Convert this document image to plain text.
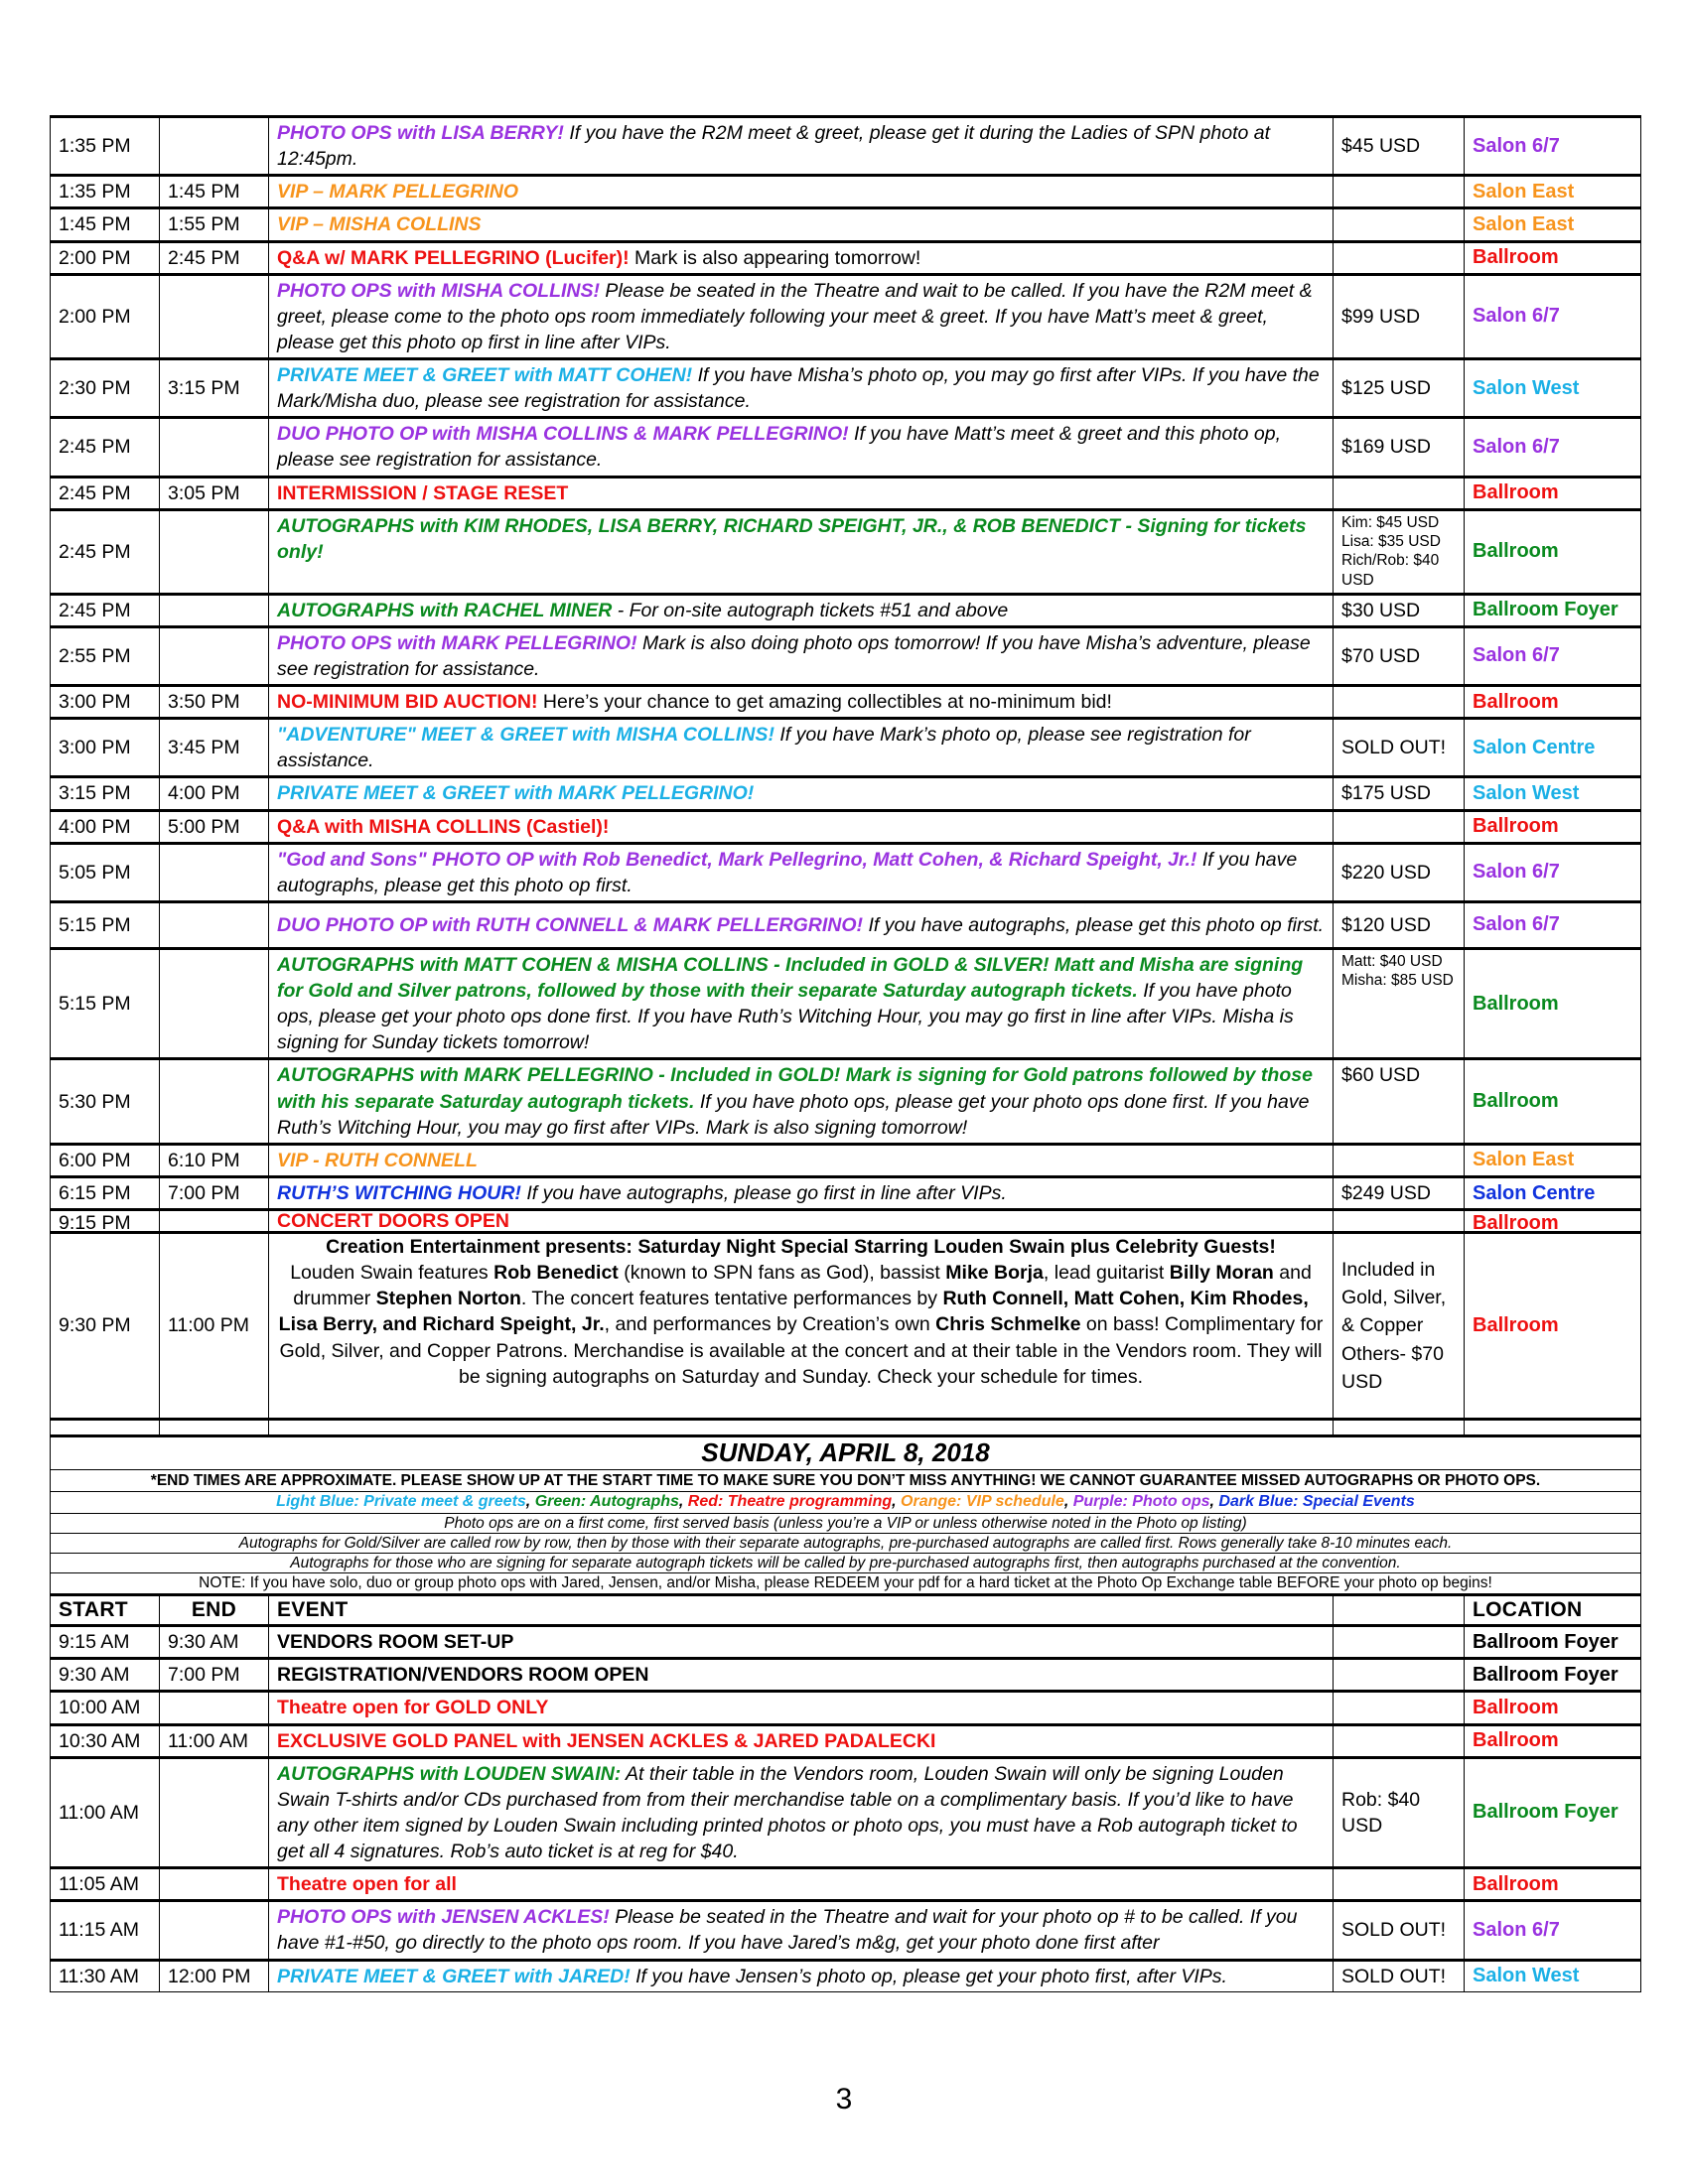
1:35 PM		PHOTO OPS with LISA BERRY! If you have the R2M meet & greet, please get it during the Ladies of SPN photo at 12:45pm.	$45 USD	Salon 6/7
1:35 PM	1:45 PM	VIP – MARK PELLEGRINO		Salon East
1:45 PM	1:55 PM	VIP – MISHA COLLINS		Salon East
2:00 PM	2:45 PM	Q&A w/ MARK PELLEGRINO (Lucifer)! Mark is also appearing tomorrow!		Ballroom
2:00 PM		PHOTO OPS with MISHA COLLINS! Please be seated in the Theatre and wait to be called. If you have the R2M meet & greet, please come to the photo ops room immediately following your meet & greet. If you have Matt’s meet & greet, please get this photo op first in line after VIPs.	$99 USD	Salon 6/7
2:30 PM	3:15 PM	PRIVATE MEET & GREET with MATT COHEN! If you have Misha’s photo op, you may go first after VIPs. If you have the Mark/Misha duo, please see registration for assistance.	$125 USD	Salon West
2:45 PM		DUO PHOTO OP with MISHA COLLINS & MARK PELLEGRINO! If you have Matt’s meet & greet and this photo op, please see registration for assistance.	$169 USD	Salon 6/7
2:45 PM	3:05 PM	INTERMISSION / STAGE RESET		Ballroom
2:45 PM		AUTOGRAPHS with KIM RHODES, LISA BERRY, RICHARD SPEIGHT, JR., & ROB BENEDICT - Signing for tickets only!	Kim: $45 USD Lisa: $35 USD Rich/Rob: $40 USD	Ballroom
2:45 PM		AUTOGRAPHS with RACHEL MINER - For on-site autograph tickets #51 and above	$30 USD	Ballroom Foyer
2:55 PM		PHOTO OPS with MARK PELLEGRINO! Mark is also doing photo ops tomorrow! If you have Misha’s adventure, please see registration for assistance.	$70 USD	Salon 6/7
3:00 PM	3:50 PM	NO-MINIMUM BID AUCTION! Here’s your chance to get amazing collectibles at no-minimum bid!		Ballroom
3:00 PM	3:45 PM	"ADVENTURE" MEET & GREET with MISHA COLLINS! If you have Mark’s photo op, please see registration for assistance.	SOLD OUT!	Salon Centre
3:15 PM	4:00 PM	PRIVATE MEET & GREET with MARK PELLEGRINO!	$175 USD	Salon West
4:00 PM	5:00 PM	Q&A with MISHA COLLINS (Castiel)!		Ballroom
5:05 PM		"God and Sons" PHOTO OP with Rob Benedict, Mark Pellegrino, Matt Cohen, & Richard Speight, Jr.! If you have autographs, please get this photo op first.	$220 USD	Salon 6/7
5:15 PM		DUO PHOTO OP with RUTH CONNELL & MARK PELLERGRINO! If you have autographs, please get this photo op first.	$120 USD	Salon 6/7
5:15 PM		AUTOGRAPHS with MATT COHEN & MISHA COLLINS - Included in GOLD & SILVER! Matt and Misha are signing for Gold and Silver patrons, followed by those with their separate Saturday autograph tickets. If you have photo ops, please get your photo ops done first. If you have Ruth’s Witching Hour, you may go first in line after VIPs. Misha is signing for Sunday tickets tomorrow!	Matt: $40 USD Misha: $85 USD	Ballroom
5:30 PM		AUTOGRAPHS with MARK PELLEGRINO - Included in GOLD! Mark is signing for Gold patrons followed by those with his separate Saturday autograph tickets. If you have photo ops, please get your photo ops done first. If you have Ruth’s Witching Hour, you may go first after VIPs. Mark is also signing tomorrow!	$60 USD	Ballroom
6:00 PM	6:10 PM	VIP - RUTH CONNELL		Salon East
6:15 PM	7:00 PM	RUTH’S WITCHING HOUR! If you have autographs, please go first in line after VIPs.	$249 USD	Salon Centre
9:15 PM		CONCERT DOORS OPEN		Ballroom
9:30 PM	11:00 PM	Creation Entertainment presents: Saturday Night Special Starring Louden Swain plus Celebrity Guests!
Louden Swain features Rob Benedict (known to SPN fans as God), bassist Mike Borja, lead guitarist Billy Moran and drummer Stephen Norton. The concert features tentative performances by Ruth Connell, Matt Cohen, Kim Rhodes, Lisa Berry, and Richard Speight, Jr., and performances by Creation’s own Chris Schmelke on bass! Complimentary for Gold, Silver, and Copper Patrons. Merchandise is available at the concert and at their table in the Vendors room. They will be signing autographs on Saturday and Sunday. Check your schedule for times.	Included in Gold, Silver, & Copper Others- $70 USD	Ballroom

SUNDAY, APRIL 8, 2018				
*END TIMES ARE APPROXIMATE. PLEASE SHOW UP AT THE START TIME TO MAKE SURE YOU DON’T MISS ANYTHING! WE CANNOT GUARANTEE MISSED AUTOGRAPHS OR PHOTO OPS.				
Light Blue: Private meet & greets, Green: Autographs, Red: Theatre programming, Orange: VIP schedule, Purple: Photo ops, Dark Blue: Special Events				
Photo ops are on a first come, first served basis (unless you’re a VIP or unless otherwise noted in the Photo op listing)				
Autographs for Gold/Silver are called row by row, then by those with their separate autographs, pre-purchased autographs are called first. Rows generally take 8-10 minutes each.				
Autographs for those who are signing for separate autograph tickets will be called by pre-purchased autographs first, then autographs purchased at the convention.				
NOTE: If you have solo, duo or group photo ops with Jared, Jensen, and/or Misha, please REDEEM your pdf for a hard ticket at the Photo Op Exchange table BEFORE your photo op begins!				
START	END	EVENT		LOCATION
9:15 AM	9:30 AM	VENDORS ROOM SET-UP		Ballroom Foyer
9:30 AM	7:00 PM	REGISTRATION/VENDORS ROOM OPEN		Ballroom Foyer
10:00 AM		Theatre open for GOLD ONLY		Ballroom
10:30 AM	11:00 AM	EXCLUSIVE GOLD PANEL with JENSEN ACKLES & JARED PADALECKI		Ballroom
11:00 AM		AUTOGRAPHS with LOUDEN SWAIN: At their table in the Vendors room, Louden Swain will only be signing Louden Swain T-shirts and/or CDs purchased from from their merchandise table on a complimentary basis. If you’d like to have any other item signed by Louden Swain including printed photos or photo ops, you must have a Rob autograph ticket to get all 4 signatures. Rob’s auto ticket is at reg for $40.	Rob: $40 USD	Ballroom Foyer
11:05 AM		Theatre open for all		Ballroom
11:15 AM		PHOTO OPS with JENSEN ACKLES! Please be seated in the Theatre and wait for your photo op # to be called. If you have #1-#50, go directly to the photo ops room. If you have Jared’s m&g, get your photo done first after	SOLD OUT!	Salon 6/7
11:30 AM	12:00 PM	PRIVATE MEET & GREET with JARED! If you have Jensen’s photo op, please get your photo first, after VIPs.	SOLD OUT!	Salon West
3
